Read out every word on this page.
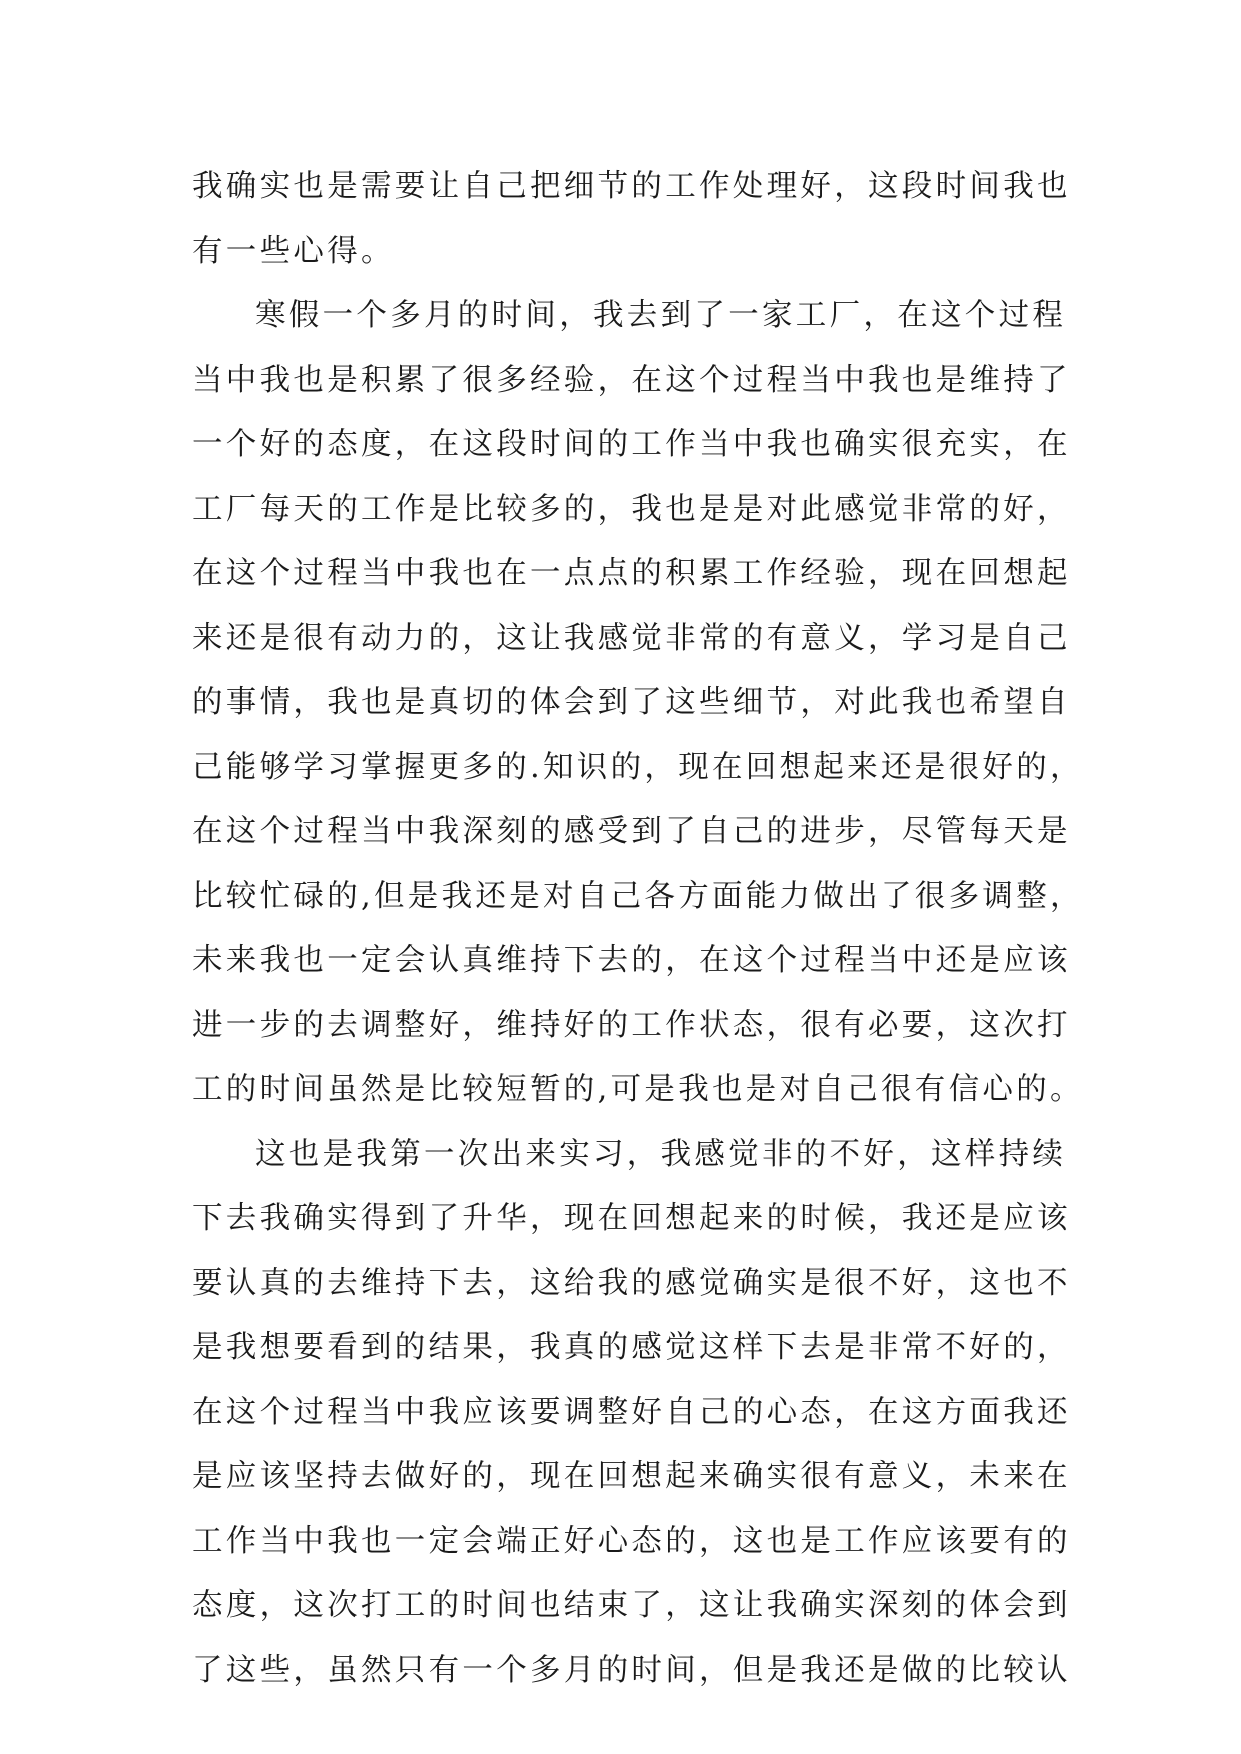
我确实也是需要让自己把细节的工作处理好，这段时间我也
有一些心得。
寒假一个多月的时间，我去到了一家工厂，在这个过程
当中我也是积累了很多经验，在这个过程当中我也是维持了
一个好的态度，在这段时间的工作当中我也确实很充实，在
工厂每天的工作是比较多的，我也是是对此感觉非常的好，
在这个过程当中我也在一点点的积累工作经验，现在回想起
来还是很有动力的，这让我感觉非常的有意义，学习是自己
的事情，我也是真切的体会到了这些细节，对此我也希望自
己能够学习掌握更多的.知识的，现在回想起来还是很好的，
在这个过程当中我深刻的感受到了自己的进步，尽管每天是
比较忙碌的,但是我还是对自己各方面能力做出了很多调整，
未来我也一定会认真维持下去的，在这个过程当中还是应该
进一步的去调整好，维持好的工作状态，很有必要，这次打
工的时间虽然是比较短暂的,可是我也是对自己很有信心的。
这也是我第一次出来实习，我感觉非的不好，这样持续
下去我确实得到了升华，现在回想起来的时候，我还是应该
要认真的去维持下去，这给我的感觉确实是很不好，这也不
是我想要看到的结果，我真的感觉这样下去是非常不好的，
在这个过程当中我应该要调整好自己的心态，在这方面我还
是应该坚持去做好的，现在回想起来确实很有意义，未来在
工作当中我也一定会端正好心态的，这也是工作应该要有的
态度，这次打工的时间也结束了，这让我确实深刻的体会到
了这些，虽然只有一个多月的时间，但是我还是做的比较认
